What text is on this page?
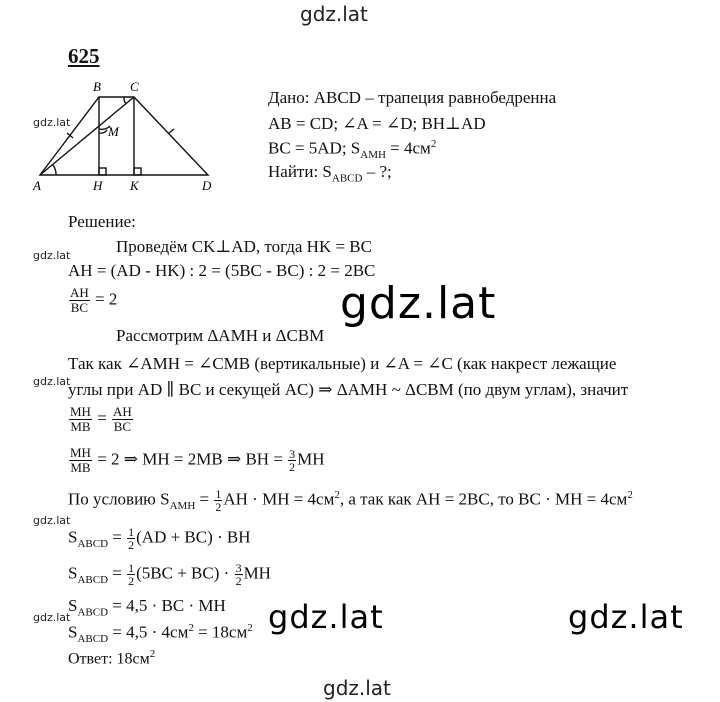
gdz.lat
gdz.lat
gdz.lat
gdz.lat	gdz.lat
gdz.lat
gdz.lat
gdz.lat
gdz.lat
gdz.lat
625
A
B C
D
H K
M
Дано: ABCD – трапеция равнобедренна
AB = CD; ∠A = ∠D; BH⊥AD
BC = 5AD; $S_{AMH} = 4см^2$
Найти: $S_{ABCD}$ – ?;
Решение:
Проведём CK⊥AD, тогда HK = BC
AH = (AD - HK) : 2 = (5BC - BC) : 2 = 2BC
$\frac{AH}{BC} = 2$
Рассмотрим ΔAMH и ΔCBM
Так как ∠AMH = ∠CMB (вертикальные) и ∠A = ∠C (как накрест лежащие
углы при AD ∥ BC и секущей AC) ⇒ ΔAMH ~ ΔCBM (по двум углам), значит
$\frac{MH}{MB} = \frac{AH}{BC}$
$\frac{MH}{MB} = 2$ ⇒ MH = 2MB ⇒ BH = $\frac{3}{2}$ MH
По условию $S_{AMH} = \frac{1}{2}$ AH · MH = $4см^2$, а так как AH = 2BC, то BC · MH = $4см^2$
$S_{ABCD} = \frac{1}{2} (AD + BC)$ · BH
$S_{ABCD} = \frac{1}{2} (5BC + BC) \cdot \frac{3}{2}$ MH
$S_{ABCD} = 4,5$ · BC · MH
$S_{ABCD} = 4,5 \cdot 4см^2 = 18см^2$
Ответ: $18см^2$
